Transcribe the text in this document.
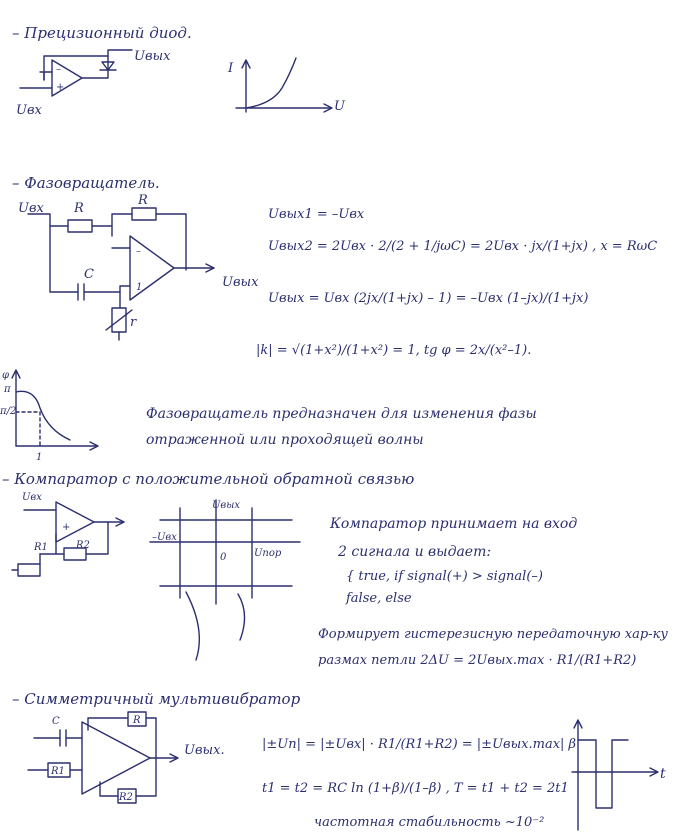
– Прецизионный диод.
+
–
Uвых
Uвх
I
U
– Фазовращатель.
–
1
Uвх R
R
C
r
Uвых
Uвых1 = –Uвх
Uвых2 = 2Uвх · 2/(2 + 1/jωC) = 2Uвх · jx/(1+jx) , x = RωC
Uвых = Uвх (2jx/(1+jx) – 1) = –Uвх (1–jx)/(1+jx)
|k| = √(1+x²)/(1+x²) = 1, tg φ = 2x/(x²–1).
φ
π
π/2
1
Фазовращатель предназначен для изменения фазы
отраженной или проходящей волны
– Компаратор с положительной обратной связью
+
Uвх
R1	R2
Uвых
–Uвх
0	Uпор
Компаратор принимает на вход
2 сигнала и выдает:
{ true, if signal(+) > signal(–)
false, else
Формирует гистерезисную передаточную хар-ку
размах петли 2ΔU = 2Uвых.max · R1/(R1+R2)
– Симметричный мультивибратор
C	R
R1
R2
Uвых.	|±Un| = |±Uвх| · R1/(R1+R2) = |±Uвых.max| β
t1 = t2 = RC ln (1+β)/(1–β) , T = t1 + t2 = 2t1
частотная стабильность ~10⁻²
t
